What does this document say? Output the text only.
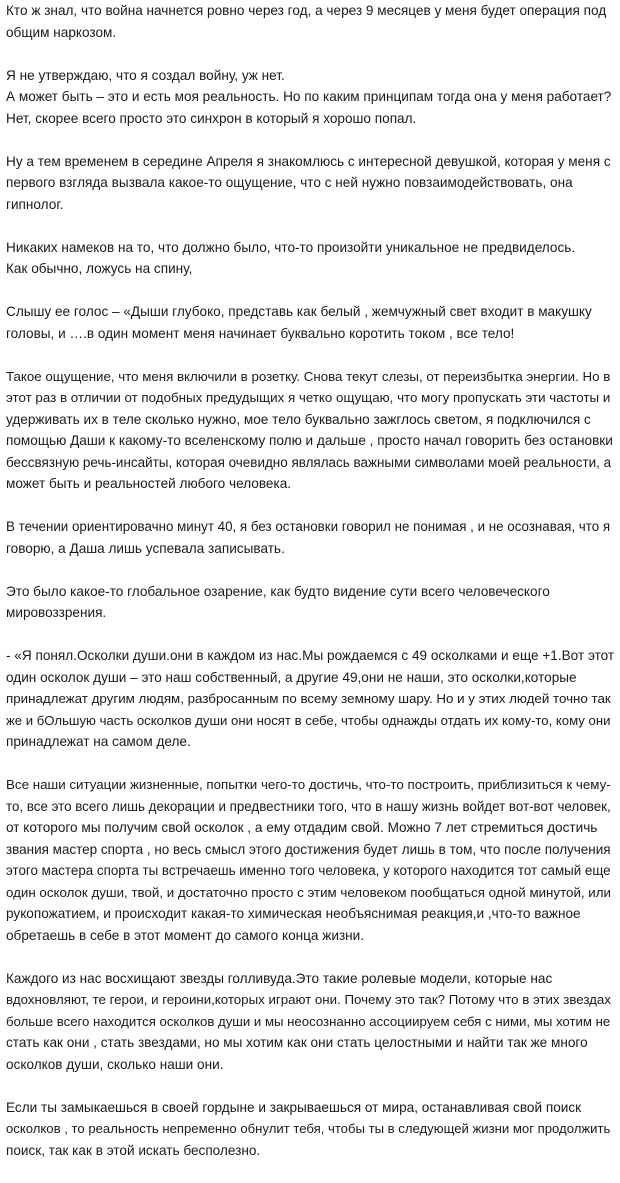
Кто ж знал, что война начнется ровно через год, а через 9 месяцев у меня будет операция под
общим наркозом.
Я не утверждаю, что я создал войну, уж нет.
А может быть – это и есть моя реальность. Но по каким принципам тогда она у меня работает?
Нет, скорее всего просто это синхрон в который я хорошо попал.
Ну а тем временем в середине Апреля я знакомлюсь с интересной девушкой, которая у меня с
первого взгляда вызвала какое-то ощущение, что с ней нужно повзаимодействовать, она
гипнолог.
Никаких намеков на то, что должно было, что-то произойти уникальное не предвиделось.
Как обычно, ложусь на спину,
Слышу ее голос – «Дыши глубоко, представь как белый , жемчужный свет входит в макушку
головы, и ….в один момент меня начинает буквально коротить током , все тело!
Такое ощущение, что меня включили в розетку. Снова текут слезы, от переизбытка энергии. Но в
этот раз в отличии от подобных предудыщих я четко ощущаю, что могу пропускать эти частоты и
удерживать их в теле сколько нужно, мое тело буквально зажглось светом, я подключился с
помощью Даши к какому-то вселенскому полю и дальше , просто начал говорить без остановки
бессвязную речь-инсайты, которая очевидно являлась важными символами моей реальности, а
может быть и реальностей любого человека.
В течении ориентировачно минут 40, я без остановки говорил не понимая , и не осознавая, что я
говорю, а Даша лишь успевала записывать.
Это было какое-то глобальное озарение, как будто видение сути всего человеческого
мировоззрения.
- «Я понял.Осколки души.они в каждом из нас.Мы рождаемся с 49 осколками и еще +1.Вот этот
один осколок души – это наш собственный, а другие 49,они не наши, это осколки,которые
принадлежат другим людям, разбросанным по всему земному шару. Но и у этих людей точно так
же и бОльшую часть осколков души они носят в себе, чтобы однажды отдать их кому-то, кому они
принадлежат на самом деле.
Все наши ситуации жизненные, попытки чего-то достичь, что-то построить, приблизиться к чему-
то, все это всего лишь декорации и предвестники того, что в нашу жизнь войдет вот-вот человек,
от которого мы получим свой осколок , а ему отдадим свой. Можно 7 лет стремиться достичь
звания мастер спорта , но весь смысл этого достижения будет лишь в том, что после получения
этого мастера спорта ты встречаешь именно того человека, у которого находится тот самый еще
один осколок души, твой, и достаточно просто с этим человеком пообщаться одной минутой, или
рукопожатием, и происходит какая-то химическая необъяснимая реакция,и ,что-то важное
обретаешь в себе в этот момент до самого конца жизни.
Каждого из нас восхищают звезды голливуда.Это такие ролевые модели, которые нас
вдохновляют, те герои, и героини,которых играют они. Почему это так? Потому что в этих звездах
больше всего находится осколков души и мы неосознанно ассоциируем себя с ними, мы хотим не
стать как они , стать звездами, но мы хотим как они стать целостными и найти так же много
осколков души, сколько наши они.
Если ты замыкаешься в своей гордыне и закрываешься от мира, останавливая свой поиск
осколков , то реальность непременно обнулит тебя, чтобы ты в следующей жизни мог продолжить
поиск, так как в этой искать бесполезно.
